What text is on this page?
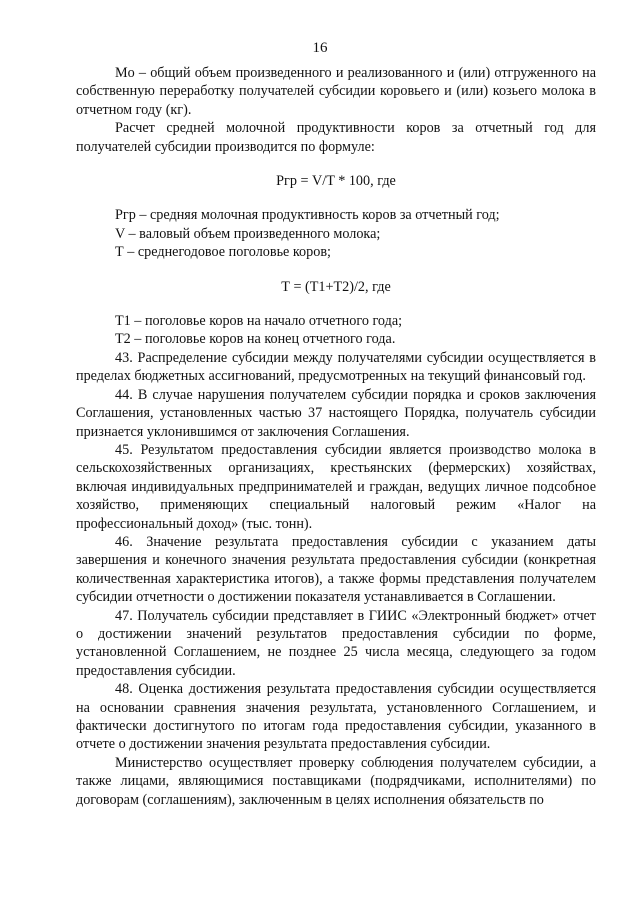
16

Mo – общий объем произведенного и реализованного и (или) отгруженного на собственную переработку получателей субсидии коровьего и (или) козьего молока в отчетном году (кг).

Расчет средней молочной продуктивности коров за отчетный год для получателей субсидии производится по формуле:

Ргр = V/T * 100, где

Ргр – средняя молочная продуктивность коров за отчетный год;

V – валовый объем произведенного молока;

Т – среднегодовое поголовье коров;

Т = (Т1+Т2)/2, где

Т1 – поголовье коров на начало отчетного года;

Т2 – поголовье коров на конец отчетного года.

43. Распределение субсидии между получателями субсидии осуществляется в пределах бюджетных ассигнований, предусмотренных на текущий финансовый год.

44. В случае нарушения получателем субсидии порядка и сроков заключения Соглашения, установленных частью 37 настоящего Порядка, получатель субсидии признается уклонившимся от заключения Соглашения.

45. Результатом предоставления субсидии является производство молока в сельскохозяйственных организациях, крестьянских (фермерских) хозяйствах, включая индивидуальных предпринимателей и граждан, ведущих личное подсобное хозяйство, применяющих специальный налоговый режим «Налог на профессиональный доход» (тыс. тонн).

46. Значение результата предоставления субсидии с указанием даты завершения и конечного значения результата предоставления субсидии (конкретная количественная характеристика итогов), а также формы представления получателем субсидии отчетности о достижении показателя устанавливается в Соглашении.

47. Получатель субсидии представляет в ГИИС «Электронный бюджет» отчет о достижении значений результатов предоставления субсидии по форме, установленной Соглашением, не позднее 25 числа месяца, следующего за годом предоставления субсидии.

48. Оценка достижения результата предоставления субсидии осуществляется на основании сравнения значения результата, установленного Соглашением, и фактически достигнутого по итогам года предоставления субсидии, указанного в отчете о достижении значения результата предоставления субсидии.

Министерство осуществляет проверку соблюдения получателем субсидии, а также лицами, являющимися поставщиками (подрядчиками, исполнителями) по договорам (соглашениям), заключенным в целях исполнения обязательств по
